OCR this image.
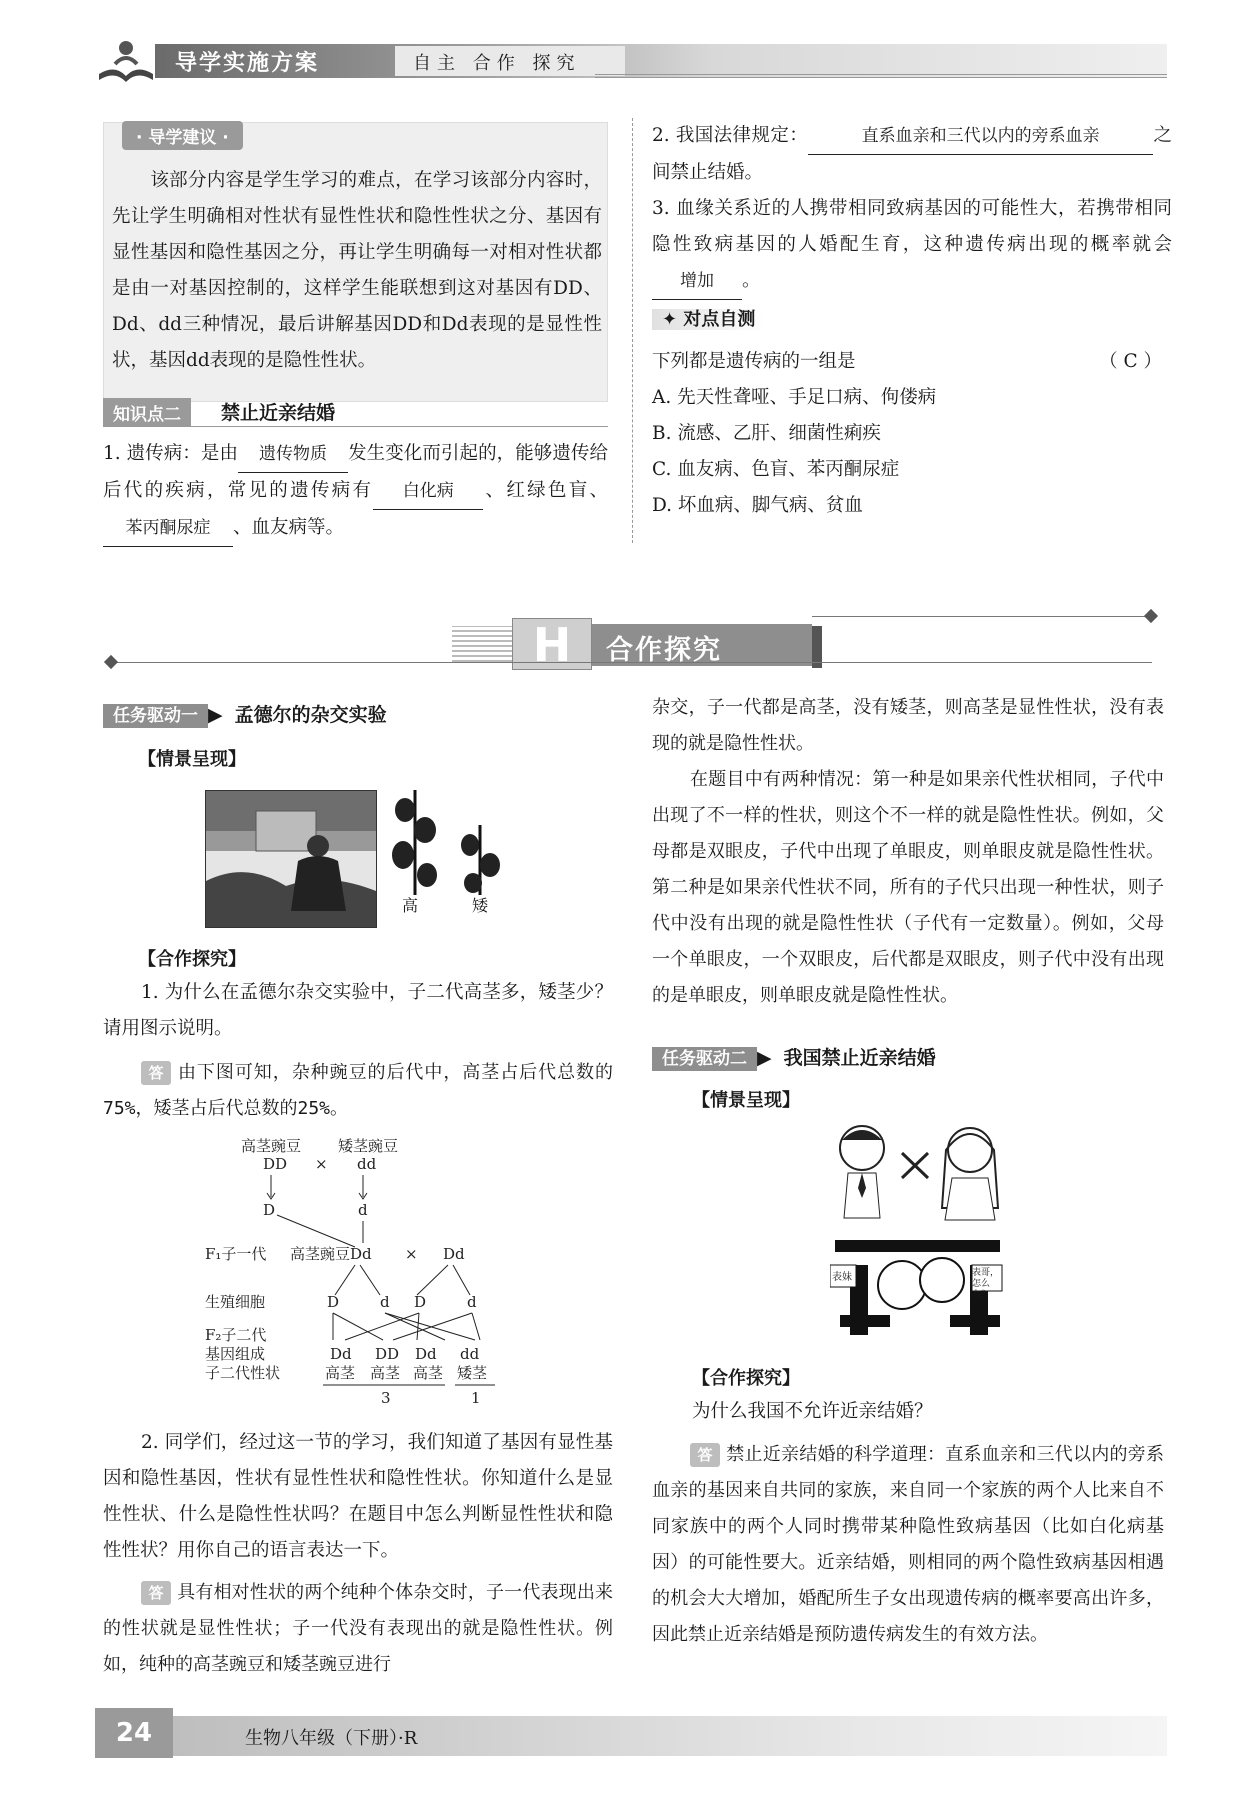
导学实施方案	自主 合作 探究
· 导学建议 ·
该部分内容是学生学习的难点，在学习该部分内容时，先让学生明确相对性状有显性性状和隐性性状之分、基因有显性基因和隐性基因之分，再让学生明确每一对相对性状都是由一对基因控制的，这样学生能联想到这对基因有DD、Dd、dd三种情况，最后讲解基因DD和Dd表现的是显性性状，基因dd表现的是隐性性状。
知识点二	禁止近亲结婚
1. 遗传病：是由 遗传物质 发生变化而引起的，能够遗传给后代的疾病，常见的遗传病有 白化病 、红绿色盲、苯丙酮尿症 、血友病等。
2. 我国法律规定：	直系血亲和三代以内的旁系血亲	之间禁止结婚。
3. 血缘关系近的人携带相同致病基因的可能性大，若携带相同隐性致病基因的人婚配生育，这种遗传病出现的概率就会增加 。
✦ 对点自测
下列都是遗传病的一组是	（ C ）
A. 先天性聋哑、手足口病、佝偻病
B. 流感、乙肝、细菌性痢疾
C. 血友病、色盲、苯丙酮尿症
D. 坏血病、脚气病、贫血
H	合作探究
任务驱动一 ▶ 孟德尔的杂交实验
【情景呈现】
高	矮
【合作探究】
1. 为什么在孟德尔杂交实验中，子二代高茎多，矮茎少？请用图示说明。
答 由下图可知，杂种豌豆的后代中，高茎占后代总数的75%，矮茎占后代总数的25%。
高茎豌豆 矮茎豌豆
DD × dd
D	d
F₁子一代 高茎豌豆Dd × Dd
生殖细胞	D	d D	d
F₂子二代
基因组成
子二代性状
Dd DD Dd dd
高茎 高茎 高茎 矮茎
3	1
2. 同学们，经过这一节的学习，我们知道了基因有显性基因和隐性基因，性状有显性性状和隐性性状。你知道什么是显性性状、什么是隐性性状吗？在题目中怎么判断显性性状和隐性性状？用你自己的语言表达一下。
答 具有相对性状的两个纯种个体杂交时，子一代表现出来的性状就是显性性状；子一代没有表现出的就是隐性性状。例如，纯种的高茎豌豆和矮茎豌豆进行
杂交，子一代都是高茎，没有矮茎，则高茎是显性性状，没有表现的就是隐性性状。
在题目中有两种情况：第一种是如果亲代性状相同，子代中出现了不一样的性状，则这个不一样的就是隐性性状。例如，父母都是双眼皮，子代中出现了单眼皮，则单眼皮就是隐性性状。第二种是如果亲代性状不同，所有的子代只出现一种性状，则子代中没有出现的就是隐性性状（子代有一定数量）。例如，父母一个单眼皮，一个双眼皮，后代都是双眼皮，则子代中没有出现的是单眼皮，则单眼皮就是隐性性状。
任务驱动二 ▶ 我国禁止近亲结婚
【情景呈现】
表妹	表哥，怎么办？
【合作探究】
为什么我国不允许近亲结婚？
答 禁止近亲结婚的科学道理：直系血亲和三代以内的旁系血亲的基因来自共同的家族，来自同一个家族的两个人比来自不同家族中的两个人同时携带某种隐性致病基因（比如白化病基因）的可能性要大。近亲结婚，则相同的两个隐性致病基因相遇的机会大大增加，婚配所生子女出现遗传病的概率要高出许多，因此禁止近亲结婚是预防遗传病发生的有效方法。
24	生物八年级（下册）·R
